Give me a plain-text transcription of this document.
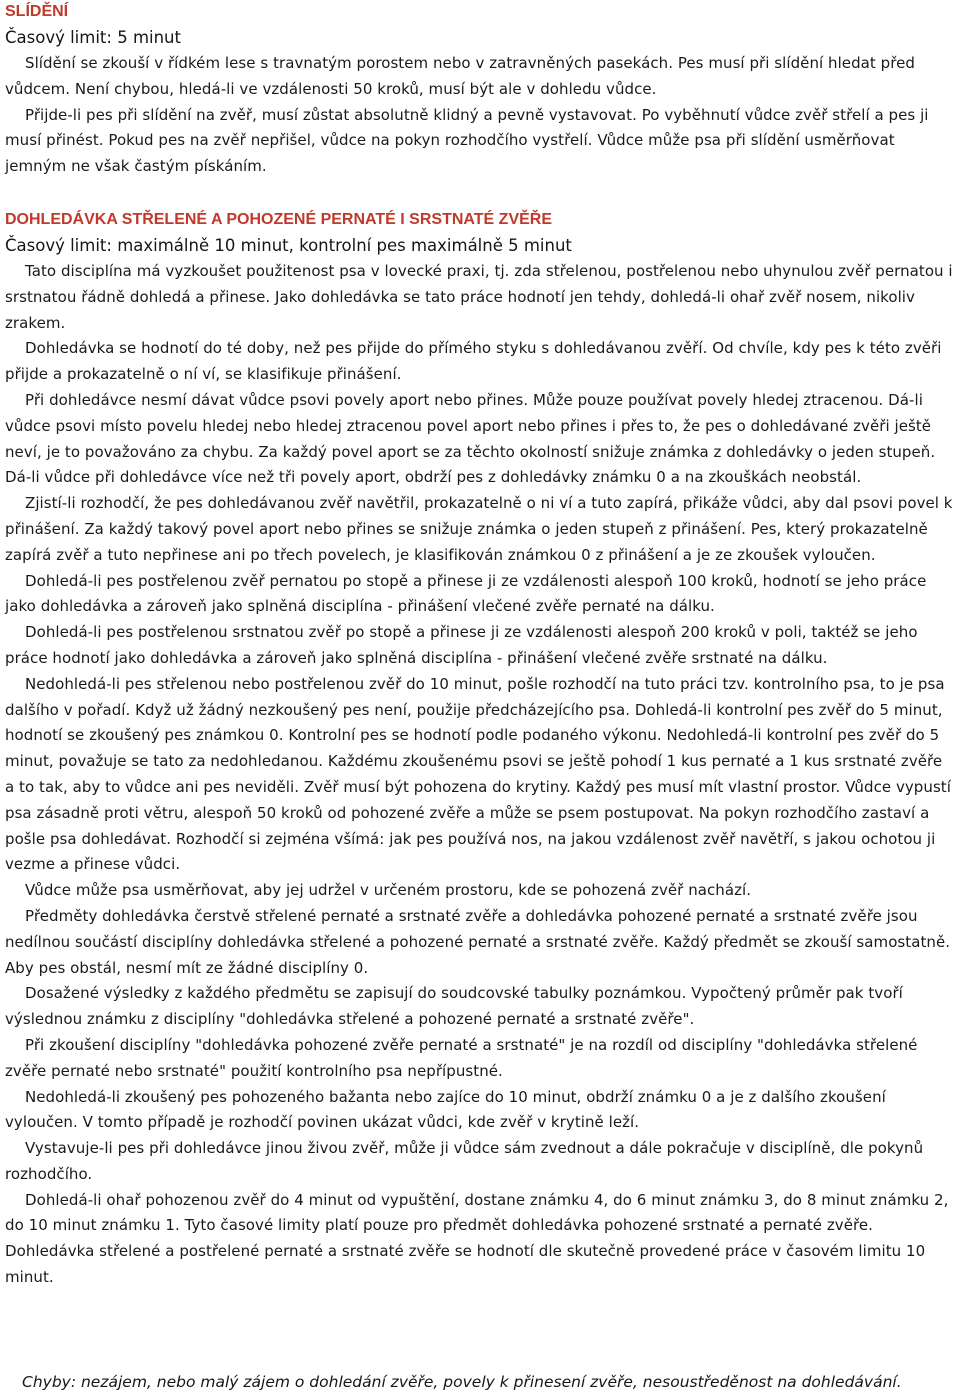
SLÍDĚNÍ
Časový limit: 5 minut

Slídění se zkouší v řídkém lese s travnatým porostem nebo v zatravněných pasekách. Pes musí při slídění hledat před vůdcem. Není chybou, hledá-li ve vzdálenosti 50 kroků, musí být ale v dohledu vůdce.

Přijde-li pes při slídění na zvěř, musí zůstat absolutně klidný a pevně vystavovat. Po vyběhnutí vůdce zvěř střelí a pes ji musí přinést. Pokud pes na zvěř nepřišel, vůdce na pokyn rozhodčího vystřelí. Vůdce může psa při slídění usměrňovat jemným ne však častým pískáním.

DOHLEDÁVKA STŘELENÉ A POHOZENÉ PERNATÉ I SRSTNATÉ ZVĚŘE
Časový limit: maximálně 10 minut, kontrolní pes maximálně 5 minut

Tato disciplína má vyzkoušet použitenost psa v lovecké praxi, tj. zda střelenou, postřelenou nebo uhynulou zvěř pernatou i srstnatou řádně dohledá a přinese. Jako dohledávka se tato práce hodnotí jen tehdy, dohledá-li ohař zvěř nosem, nikoliv zrakem.

Dohledávka se hodnotí do té doby, než pes přijde do přímého styku s dohledávanou zvěří. Od chvíle, kdy pes k této zvěři přijde a prokazatelně o ní ví, se klasifikuje přinášení.

Při dohledávce nesmí dávat vůdce psovi povely aport nebo přines. Může pouze používat povely hledej ztracenou. Dá-li vůdce psovi místo povelu hledej nebo hledej ztracenou povel aport nebo přines i přes to, že pes o dohledávané zvěři ještě neví, je to považováno za chybu. Za každý povel aport se za těchto okolností snižuje známka z dohledávky o jeden stupeň. Dá-li vůdce při dohledávce více než tři povely aport, obdrží pes z dohledávky známku 0 a na zkouškách neobstál.

Zjistí-li rozhodčí, že pes dohledávanou zvěř navětřil, prokazatelně o ni ví a tuto zapírá, přikáže vůdci, aby dal psovi povel k přinášení. Za každý takový povel aport nebo přines se snižuje známka o jeden stupeň z přinášení. Pes, který prokazatelně zapírá zvěř a tuto nepřinese ani po třech povelech, je klasifikován známkou 0 z přinášení a je ze zkoušek vyloučen.

Dohledá-li pes postřelenou zvěř pernatou po stopě a přinese ji ze vzdálenosti alespoň 100 kroků, hodnotí se jeho práce jako dohledávka a zároveň jako splněná disciplína - přinášení vlečené zvěře pernaté na dálku.

Dohledá-li pes postřelenou srstnatou zvěř po stopě a přinese ji ze vzdálenosti alespoň 200 kroků v poli, taktéž se jeho práce hodnotí jako dohledávka a zároveň jako splněná disciplína - přinášení vlečené zvěře srstnaté na dálku.

Nedohledá-li pes střelenou nebo postřelenou zvěř do 10 minut, pošle rozhodčí na tuto práci tzv. kontrolního psa, to je psa dalšího v pořadí. Když už žádný nezkoušený pes není, použije předcházejícího psa. Dohledá-li kontrolní pes zvěř do 5 minut, hodnotí se zkoušený pes známkou 0. Kontrolní pes se hodnotí podle podaného výkonu. Nedohledá-li kontrolní pes zvěř do 5 minut, považuje se tato za nedohledanou. Každému zkoušenému psovi se ještě pohodí 1 kus pernaté a 1 kus srstnaté zvěře a to tak, aby to vůdce ani pes neviděli. Zvěř musí být pohozena do krytiny. Každý pes musí mít vlastní prostor. Vůdce vypustí psa zásadně proti větru, alespoň 50 kroků od pohozené zvěře a může se psem postupovat. Na pokyn rozhodčího zastaví a pošle psa dohledávat. Rozhodčí si zejména všímá: jak pes používá nos, na jakou vzdálenost zvěř navětří, s jakou ochotou ji vezme a přinese vůdci.

Vůdce může psa usměrňovat, aby jej udržel v určeném prostoru, kde se pohozená zvěř nachází.

Předměty dohledávka čerstvě střelené pernaté a srstnaté zvěře a dohledávka pohozené pernaté a srstnaté zvěře jsou nedílnou součástí disciplíny dohledávka střelené a pohozené pernaté a srstnaté zvěře. Každý předmět se zkouší samostatně. Aby pes obstál, nesmí mít ze žádné disciplíny 0.

Dosažené výsledky z každého předmětu se zapisují do soudcovské tabulky poznámkou. Vypočtený průměr pak tvoří výslednou známku z disciplíny "dohledávka střelené a pohozené pernaté a srstnaté zvěře".

Při zkoušení disciplíny "dohledávka pohozené zvěře pernaté a srstnaté" je na rozdíl od disciplíny "dohledávka střelené zvěře pernaté nebo srstnaté" použití kontrolního psa nepřípustné.

Nedohledá-li zkoušený pes pohozeného bažanta nebo zajíce do 10 minut, obdrží známku 0 a je z dalšího zkoušení vyloučen. V tomto případě je rozhodčí povinen ukázat vůdci, kde zvěř v krytině leží.

Vystavuje-li pes při dohledávce jinou živou zvěř, může ji vůdce sám zvednout a dále pokračuje v disciplíně, dle pokynů rozhodčího.

Dohledá-li ohař pohozenou zvěř do 4 minut od vypuštění, dostane známku 4, do 6 minut známku 3, do 8 minut známku 2, do 10 minut známku 1. Tyto časové limity platí pouze pro předmět dohledávka pohozené srstnaté a pernaté zvěře. Dohledávka střelené a postřelené pernaté a srstnaté zvěře se hodnotí dle skutečně provedené práce v časovém limitu 10 minut.

Chyby: nezájem, nebo malý zájem o dohledání zvěře, povely k přinesení zvěře, nesoustředěnost na dohledávání.
